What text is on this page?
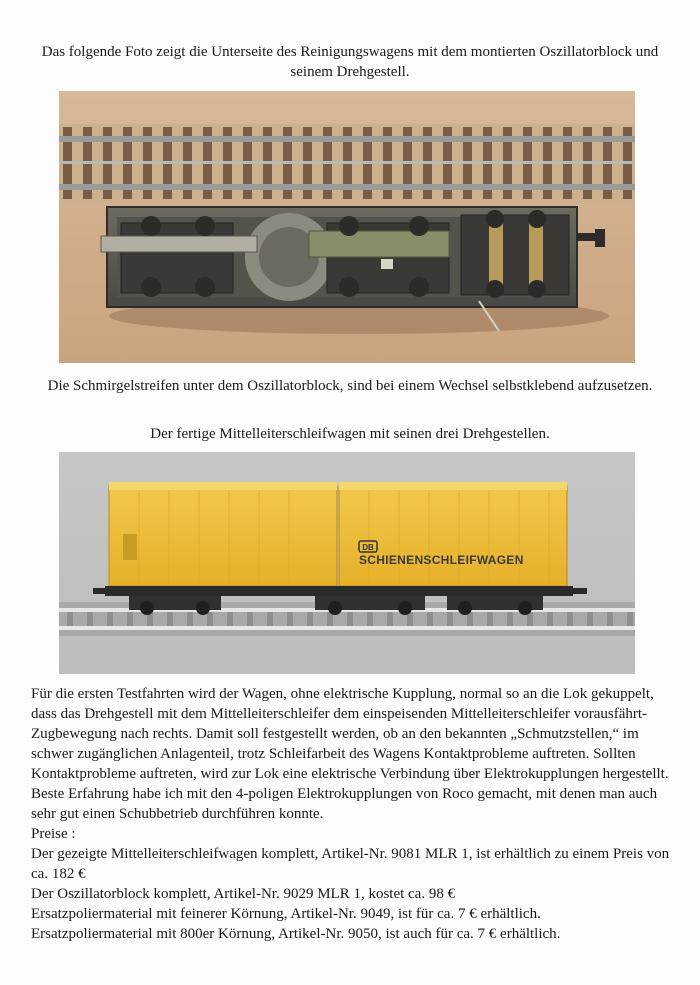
Das folgende Foto zeigt die Unterseite des Reinigungswagens mit dem montierten Oszillatorblock und seinem Drehgestell.
Die Schmirgelstreifen unter dem Oszillatorblock, sind bei einem Wechsel selbstklebend aufzusetzen.
Der fertige Mittelleiterschleifwagen mit seinen drei Drehgestellen.
DB
SCHIENENSCHLEIFWAGEN

Für die ersten Testfahrten wird der Wagen, ohne elektrische Kupplung, normal so an die Lok gekuppelt, dass das Drehgestell mit dem Mittelleiterschleifer dem einspeisenden Mittelleiterschleifer vorausfährt- Zugbewegung nach rechts. Damit soll festgestellt werden, ob an den bekannten „Schmutzstellen,“ im schwer zugänglichen Anlagenteil, trotz Schleifarbeit des Wagens Kontaktprobleme auftreten. Sollten Kontaktprobleme auftreten, wird zur Lok eine elektrische Verbindung über Elektrokupplungen hergestellt.

Beste Erfahrung habe ich mit den 4-poligen Elektrokupplungen von Roco gemacht, mit denen man auch sehr gut einen Schubbetrieb durchführen konnte.

Preise :

Der gezeigte Mittelleiterschleifwagen komplett, Artikel-Nr. 9081 MLR 1, ist erhältlich zu einem Preis von ca. 182 €

Der Oszillatorblock komplett, Artikel-Nr. 9029 MLR 1, kostet ca. 98 €

Ersatzpoliermaterial mit feinerer Körnung, Artikel-Nr. 9049, ist für ca. 7 € erhältlich.

Ersatzpoliermaterial mit 800er Körnung, Artikel-Nr. 9050, ist auch für ca. 7 € erhältlich.
